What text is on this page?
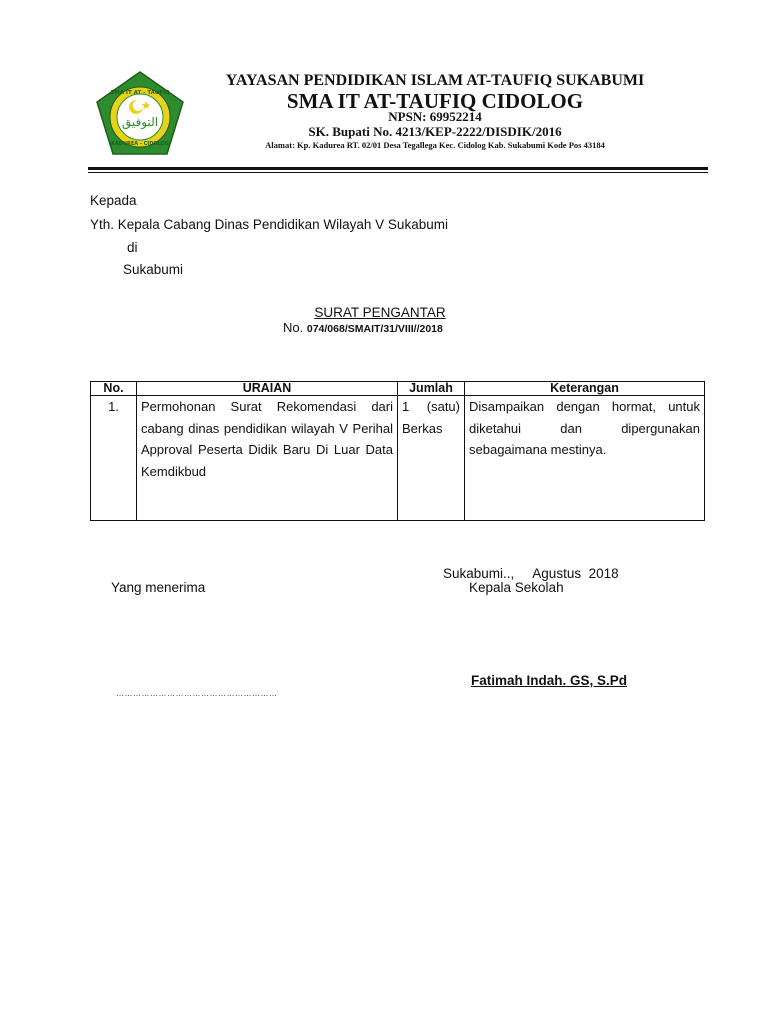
التوفيق
SMA IT AT - TAUFIQ
KADUREA - CIDOLOG
YAYASAN PENDIDIKAN ISLAM AT-TAUFIQ SUKABUMI
SMA IT AT-TAUFIQ CIDOLOG
NPSN: 69952214
SK. Bupati No. 4213/KEP-2222/DISDIK/2016
Alamat: Kp. Kadurea RT. 02/01 Desa Tegallega Kec. Cidolog Kab. Sukabumi Kode Pos 43184
Kepada
Yth. Kepala Cabang Dinas Pendidikan Wilayah V Sukabumi
di
Sukabumi
SURAT PENGANTAR
No. 074/068/SMAIT/31/VIII//2018
No.	URAIAN	Jumlah	Keterangan
1.	Permohonan Surat Rekomendasi dari cabang dinas pendidikan wilayah V Perihal Approval Peserta Didik Baru Di Luar Data Kemdikbud	1 (satu) Berkas	Disampaikan dengan hormat, untuk diketahui dan dipergunakan sebagaimana mestinya.
Sukabumi..,     Agustus  2018
Kepala Sekolah
Yang menerima
Fatimah Indah. GS, S.Pd
…………………………………………………
